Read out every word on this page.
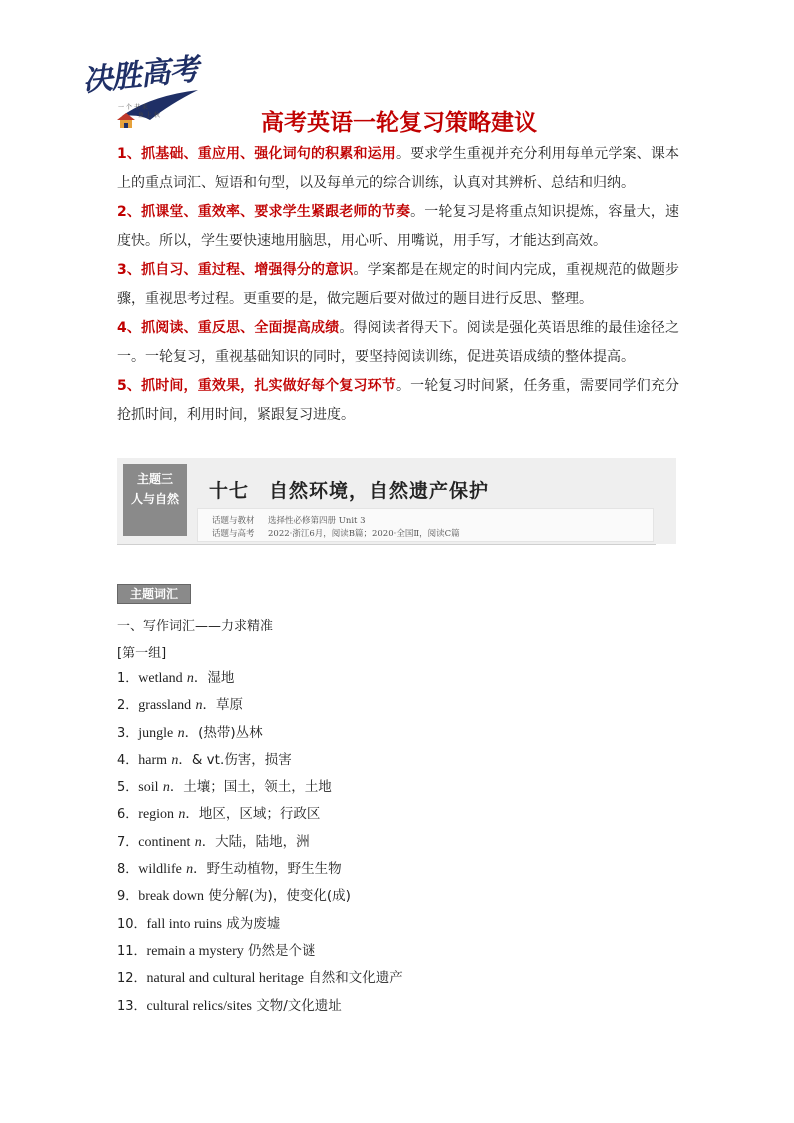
决胜高考
一 个 书 来
鱼 上 秋	高考英语一轮复习策略建议

1、抓基础、重应用、强化词句的积累和运用。要求学生重视并充分利用每单元学案、课本上的重点词汇、短语和句型，以及每单元的综合训练，认真对其辨析、总结和归纳。

2、抓课堂、重效率、要求学生紧跟老师的节奏。一轮复习是将重点知识提炼，容量大，速度快。所以，学生要快速地用脑思，用心听、用嘴说，用手写，才能达到高效。

3、抓自习、重过程、增强得分的意识。学案都是在规定的时间内完成，重视规范的做题步骤，重视思考过程。更重要的是，做完题后要对做过的题目进行反思、整理。

4、抓阅读、重反思、全面提高成绩。得阅读者得天下。阅读是强化英语思维的最佳途径之一。一轮复习，重视基础知识的同时，要坚持阅读训练，促进英语成绩的整体提高。

5、抓时间，重效果，扎实做好每个复习环节。一轮复习时间紧，任务重，需要同学们充分抢抓时间，利用时间，紧跟复习进度。

主题三
人与自然	十七　自然环境，自然遗产保护
话题与教材 选择性必修第四册 Unit 3
话题与高考 2022·浙江6月，阅读B篇；2020·全国Ⅱ，阅读C篇
主题词汇
一、写作词汇——力求精准
[第一组]
1．wetland n．湿地
2．grassland n．草原
3．jungle n．(热带)丛林
4．harm n．& vt.伤害，损害
5．soil n．土壤；国土，领土，土地
6．region n．地区，区域；行政区
7．continent n．大陆，陆地，洲
8．wildlife n．野生动植物，野生生物
9．break down 使分解(为)，使变化(成)
10．fall into ruins 成为废墟
11．remain a mystery 仍然是个谜
12．natural and cultural heritage 自然和文化遗产
13．cultural relics/sites 文物/文化遗址
